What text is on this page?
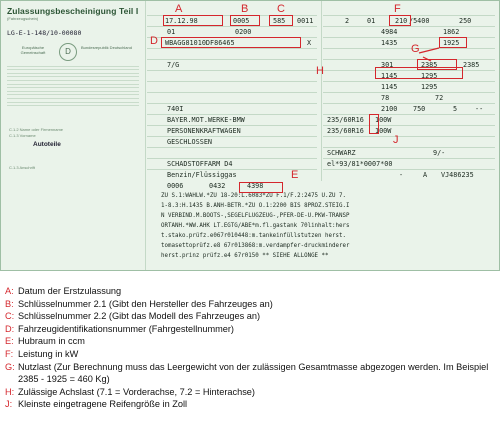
Zulassungsbescheinigung Teil I
(Fahrzeugschein)
LG-E-1-148/10-00080
Europäische Gemeinschaft	D	Bundesrepublik Deutschland
C.1.2 Name oder Firmenname
C.1.3 Vorname
Autoteile
C.1.3 Anschrift
17.12.98	0005	585 0011
01	0200
WBAGG81010DF86465	X
7/G
740I
BAYER.MOT.WERKE-BMW
PERSONENKRAFTWAGEN
GESCHLOSSEN
SCHADSTOFFARM D4
Benzin/Flüssiggas
0006	0432	4398
2	01	210 /5400	250
4984	1862
1435	1925
301	2385	2385
1145	1295
1145	1295
78	72
2100 750	5	--
235/60R16 100W
235/60R16 100W
SCHWARZ	9/-
el*93/81*0007*00
-	A VJ486235
ZU S.1:WAHLW.*ZU 18-20:L.6083*ZU F.1/F.2:2475 U.ZU 7.
1-8.3:H.1435 B.ANH-BETR.*ZU O.1:2200 BIS 8PROZ.STEIG.I
N VERBIND.M.BOOTS-,SEGELFLUGZEUG-,PFER-DE-U.PKW-TRANSP
ORTANH.*WW.AHK LT.EGTG/ABE*m.fl.gastank 70linhalt:hers
t.stako.prüfz.e067r010448:m.tankeinfüllstutzen herst.
tomasettoprüfz.e8 67r013868:m.verdampfer-druckminderer
herst.prinz prüfz.e4 67r0150 ** SIEHE ALLONGE **
A	B	C
D
E
F
G
H
J
A: Datum der Erstzulassung
B: Schlüsselnummer 2.1 (Gibt den Hersteller des Fahrzeuges an)
C: Schlüsselnummer 2.2 (Gibt das Modell des Fahrzeuges an)
D: Fahrzeugidentifikationsnummer (Fahrgestellnummer)
E: Hubraum in ccm
F: Leistung in kW
G: Nutzlast (Zur Berechnung muss das Leergewicht von der zulässigen Gesamtmasse abgezogen werden. Im Beispiel 2385 - 1925 = 460 Kg)
H: Zulässige Achslast (7.1 = Vorderachse, 7.2 = Hinterachse)
J: Kleinste eingetragene Reifengröße in Zoll
